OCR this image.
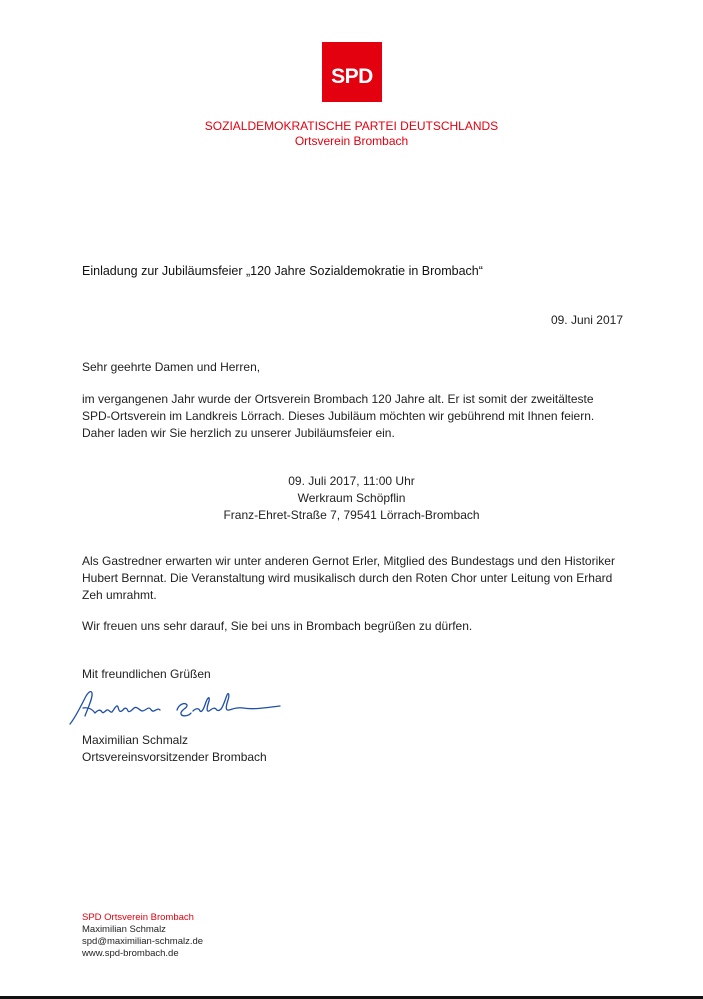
SPD
SOZIALDEMOKRATISCHE PARTEI DEUTSCHLANDS
Ortsverein Brombach
Einladung zur Jubiläumsfeier „120 Jahre Sozialdemokratie in Brombach“
09. Juni 2017
Sehr geehrte Damen und Herren,
im vergangenen Jahr wurde der Ortsverein Brombach 120 Jahre alt. Er ist somit der zweitälteste SPD-Ortsverein im Landkreis Lörrach. Dieses Jubiläum möchten wir gebührend mit Ihnen feiern. Daher laden wir Sie herzlich zu unserer Jubiläumsfeier ein.
09. Juli 2017, 11:00 Uhr
Werkraum Schöpflin
Franz-Ehret-Straße 7, 79541 Lörrach-Brombach
Als Gastredner erwarten wir unter anderen Gernot Erler, Mitglied des Bundestags und den Historiker Hubert Bernnat. Die Veranstaltung wird musikalisch durch den Roten Chor unter Leitung von Erhard Zeh umrahmt.
Wir freuen uns sehr darauf, Sie bei uns in Brombach begrüßen zu dürfen.
Mit freundlichen Grüßen
Maximilian Schmalz
Ortsvereinsvorsitzender Brombach
SPD Ortsverein Brombach
Maximilian Schmalz
spd@maximilian-schmalz.de
www.spd-brombach.de
